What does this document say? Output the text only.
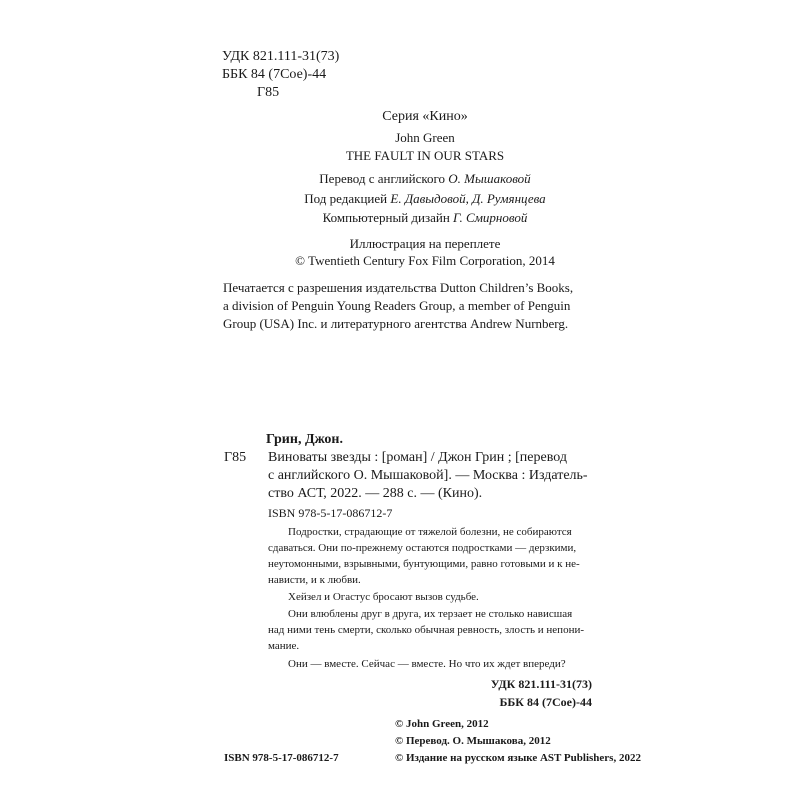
УДК 821.111-31(73)
ББК 84 (7Сое)-44
Г85
Серия «Кино»
John Green
THE FAULT IN OUR STARS
Перевод с английского О. Мышаковой
Под редакцией Е. Давыдовой, Д. Румянцева
Компьютерный дизайн Г. Смирновой
Иллюстрация на переплете
© Twentieth Century Fox Film Corporation, 2014
Печатается с разрешения издательства Dutton Children’s Books,
a division of Penguin Young Readers Group, a member of Penguin
Group (USA) Inc. и литературного агентства Andrew Nurnberg.
Грин, Джон.
Г85 Виноваты звезды : [роман] / Джон Грин ; [перевод
с английского О. Мышаковой]. — Москва : Издатель-
ство АСТ, 2022. — 288 с. — (Кино).
ISBN 978-5-17-086712-7
Подростки, страдающие от тяжелой болезни, не собираются
сдаваться. Они по-прежнему остаются подростками — дерзкими,
неутомонными, взрывными, бунтующими, равно готовыми и к не-
нависти, и к любви.
Хейзел и Огастус бросают вызов судьбе.
Они влюблены друг в друга, их терзает не столько нависшая
над ними тень смерти, сколько обычная ревность, злость и непони-
мание.
Они — вместе. Сейчас — вместе. Но что их ждет впереди?
УДК 821.111-31(73)
ББК 84 (7Сое)-44
© John Green, 2012
© Перевод. О. Мышакова, 2012
© Издание на русском языке AST Publishers, 2022
ISBN 978-5-17-086712-7
